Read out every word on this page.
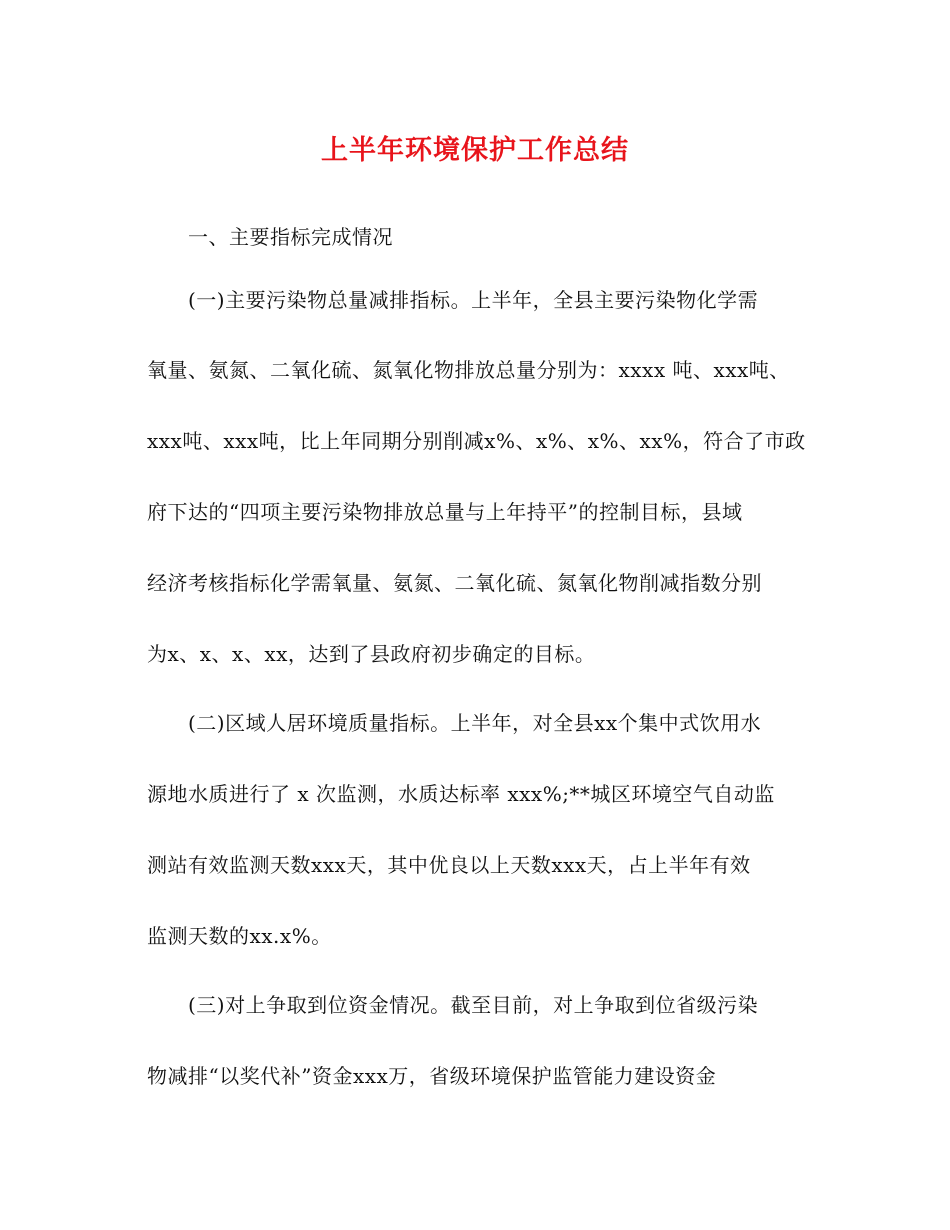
上半年环境保护工作总结
一、主要指标完成情况
(一)主要污染物总量减排指标。上半年，全县主要污染物化学需
氧量、氨氮、二氧化硫、氮氧化物排放总量分别为：xxxx 吨、xxx吨、
xxx吨、xxx吨，比上年同期分别削减x%、x%、x%、xx%，符合了市政
府下达的“四项主要污染物排放总量与上年持平”的控制目标，县域
经济考核指标化学需氧量、氨氮、二氧化硫、氮氧化物削减指数分别
为x、x、x、xx，达到了县政府初步确定的目标。
(二)区域人居环境质量指标。上半年，对全县xx个集中式饮用水
源地水质进行了 x 次监测，水质达标率 xxx%;**城区环境空气自动监
测站有效监测天数xxx天，其中优良以上天数xxx天，占上半年有效
监测天数的xx.x%。
(三)对上争取到位资金情况。截至目前，对上争取到位省级污染
物减排“以奖代补”资金xxx万，省级环境保护监管能力建设资金
